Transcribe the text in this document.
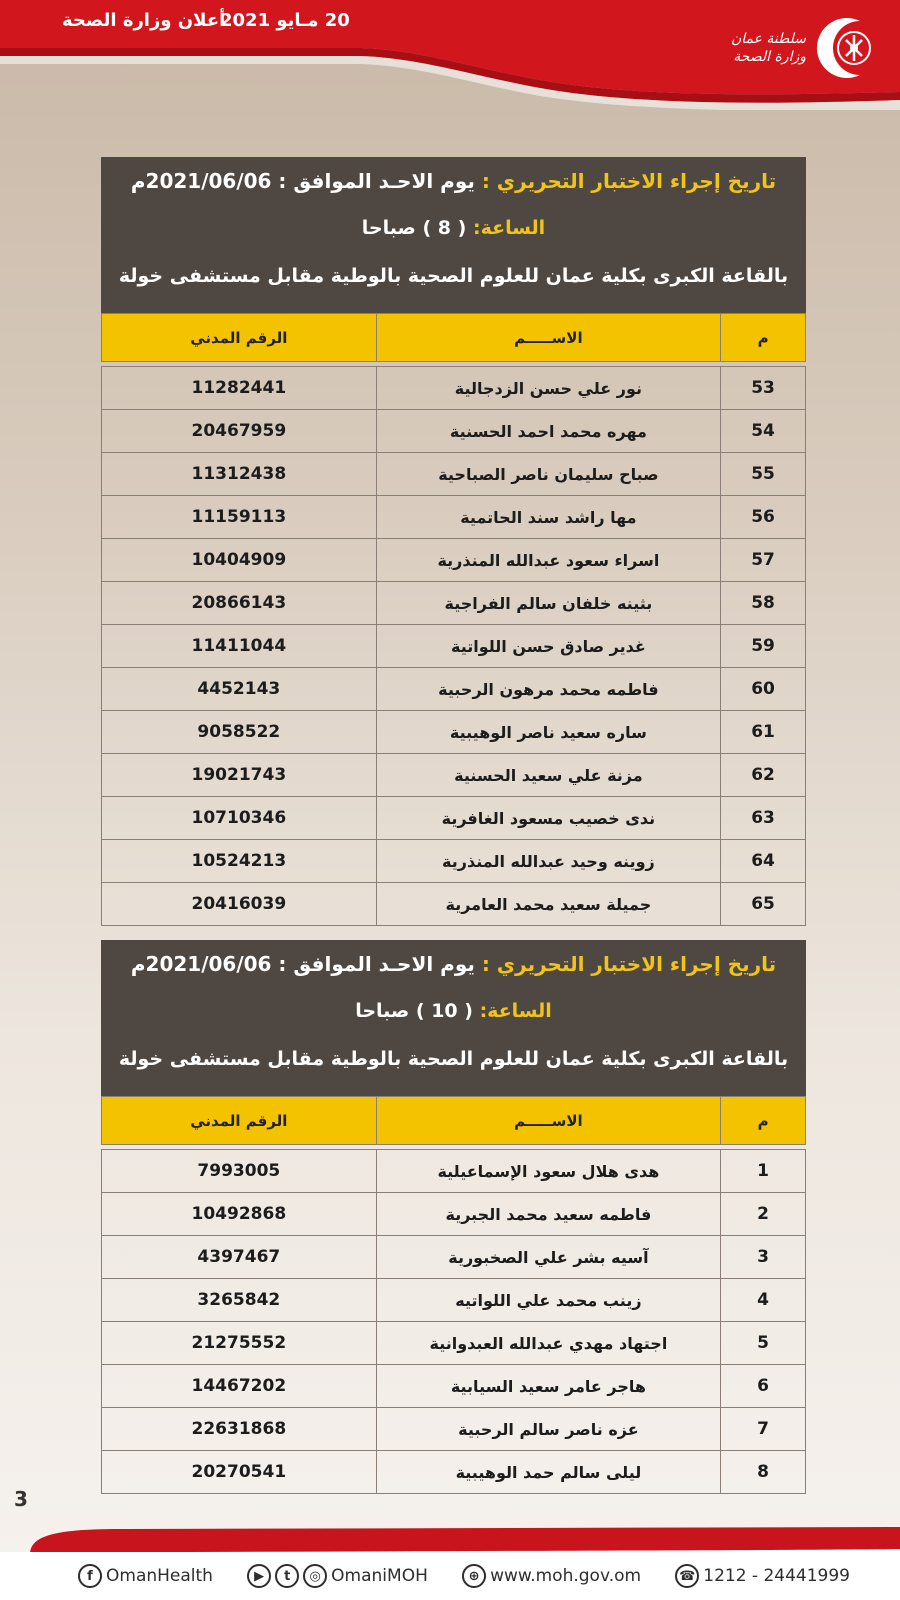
20 مـايو 2021
أعلان وزارة الصحة
سلطنة عمان
وزارة الصحة
تاريخ إجراء الاختبار التحريري : يوم الاحـد الموافق : 2021/06/06م
الساعة: ( 8 ) صباحا
بالقاعة الكبرى بكلية عمان للعلوم الصحية بالوطية مقابل مستشفى خولة
م	الاســـــم	الرقم المدني

53	نور علي حسن الزدجالية	11282441
54	مهره محمد احمد الحسنية	20467959
55	صباح سليمان ناصر الصباحية	11312438
56	مها راشد سند الحاتمية	11159113
57	اسراء سعود عبدالله المنذرية	10404909
58	بثينه خلفان سالم الفراجية	20866143
59	غدير صادق حسن اللواتية	11411044
60	فاطمه محمد مرهون الرحبية	4452143
61	ساره سعيد ناصر الوهيبية	9058522
62	مزنة علي سعيد الحسنية	19021743
63	ندى خصيب مسعود الغافرية	10710346
64	زوينه وحيد عبدالله المنذرية	10524213
65	جميلة سعيد محمد العامرية	20416039
تاريخ إجراء الاختبار التحريري : يوم الاحـد الموافق : 2021/06/06م
الساعة: ( 10 ) صباحا
بالقاعة الكبرى بكلية عمان للعلوم الصحية بالوطية مقابل مستشفى خولة
م	الاســـــم	الرقم المدني

1	هدى هلال سعود الإسماعيلية	7993005
2	فاطمه سعيد محمد الجبرية	10492868
3	آسيه بشر علي الصخبورية	4397467
4	زينب محمد علي اللواتيه	3265842
5	اجتهاد مهدي عبدالله العبدوانية	21275552
6	هاجر عامر سعيد السيابية	14467202
7	عزه ناصر سالم الرحبية	22631868
8	ليلى سالم حمد الوهيبية	20270541
3
f OmanHealth	▶	t	◎ OmaniMOH	⊕ www.moh.gov.om	☎ 1212 - 24441999
